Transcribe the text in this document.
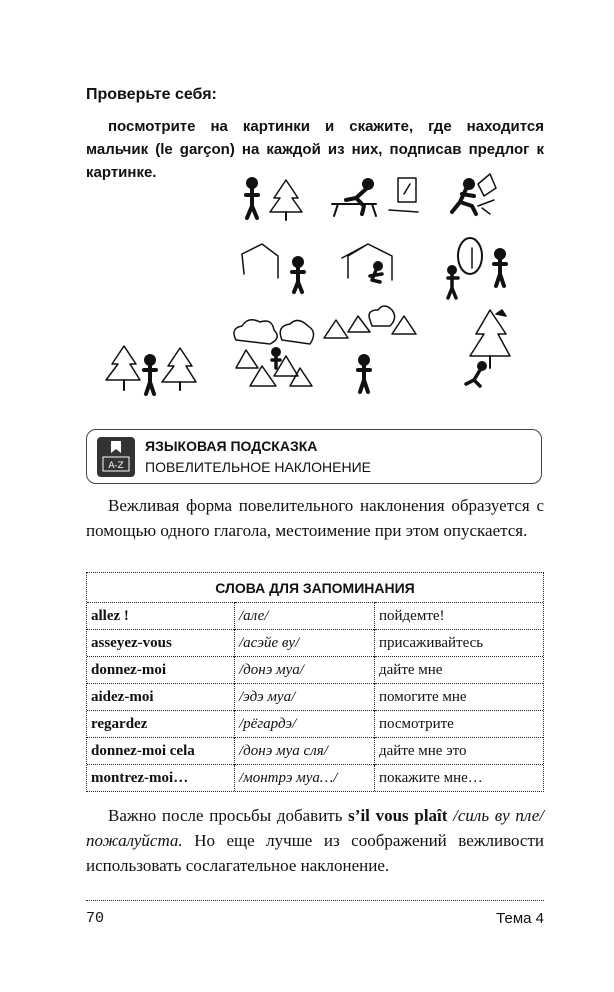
Проверьте себя:
посмотрите на картинки и скажите, где находится мальчик (le garçon) на каждой из них, подписав предлог к картинке.
A-Z
ЯЗЫКОВАЯ ПОДСКАЗКА
ПОВЕЛИТЕЛЬНОЕ НАКЛОНЕНИЕ
Вежливая форма повелительного наклонения образуется с помощью одного глагола, местоимение при этом опускается.
СЛОВА ДЛЯ ЗАПОМИНАНИЯ
allez !	/але/	пойдемте!
asseyez-vous	/асэйе ву/	присаживайтесь
donnez-moi	/донэ муа/	дайте мне
aidez-moi	/эдэ муа/	помогите мне
regardez	/рёгардэ/	посмотрите
donnez-moi cela	/донэ муа сля/	дайте мне это
montrez-moi…	/монтрэ муа…/	покажите мне…
Важно после просьбы добавить s’il vous plaît /силь ву пле/ пожалуйста. Но еще лучше из соображений вежливости использовать сослагательное наклонение.
70	Тема 4
